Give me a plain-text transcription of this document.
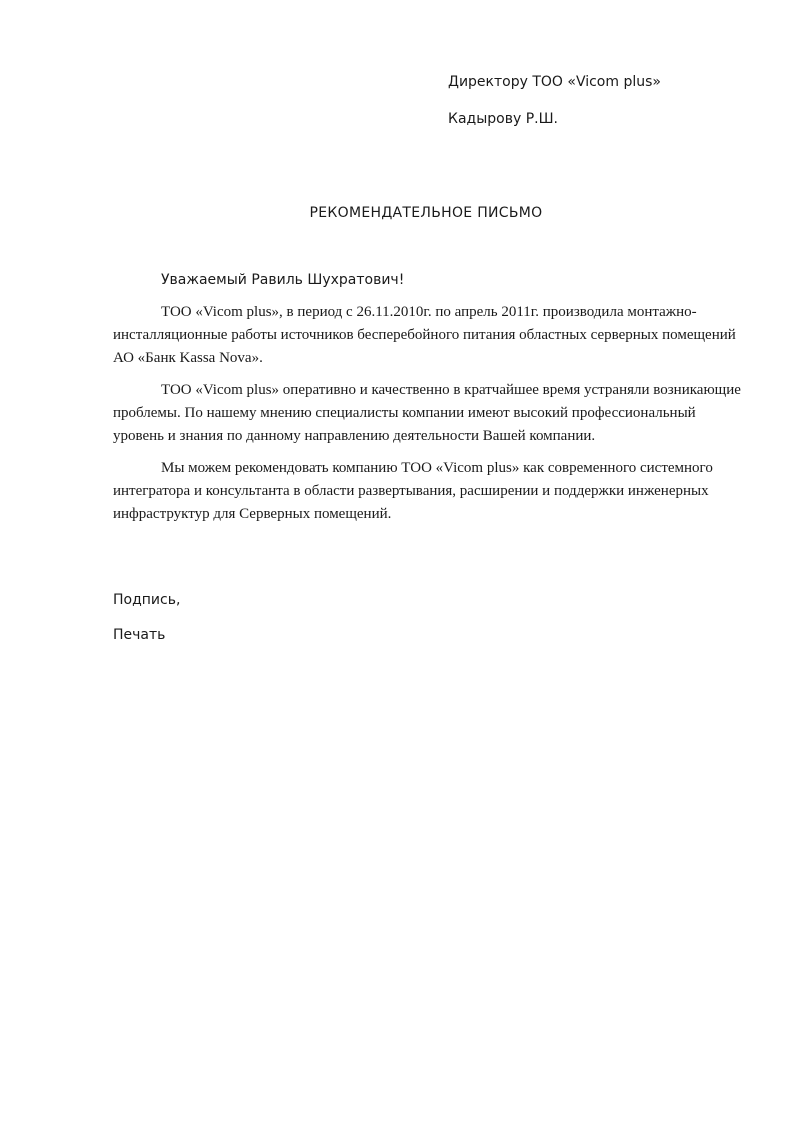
Директору ТОО «Vicom plus»

Кадырову Р.Ш.

РЕКОМЕНДАТЕЛЬНОЕ ПИСЬМО

Уважаемый Равиль Шухратович!

ТОО «Vicom plus», в период с 26.11.2010г. по апрель 2011г. производила монтажно-инсталляционные работы источников бесперебойного питания областных серверных помещений АО «Банк Kassa Nova».

ТОО «Vicom plus» оперативно и качественно в кратчайшее время устраняли возникающие проблемы. По нашему мнению специалисты компании имеют высокий профессиональный уровень и знания по данному направлению деятельности Вашей компании.

Мы можем рекомендовать компанию ТОО «Vicom plus» как современного системного интегратора и консультанта в области развертывания, расширении и поддержки инженерных инфраструктур для Серверных помещений.

Подпись,

Печать
